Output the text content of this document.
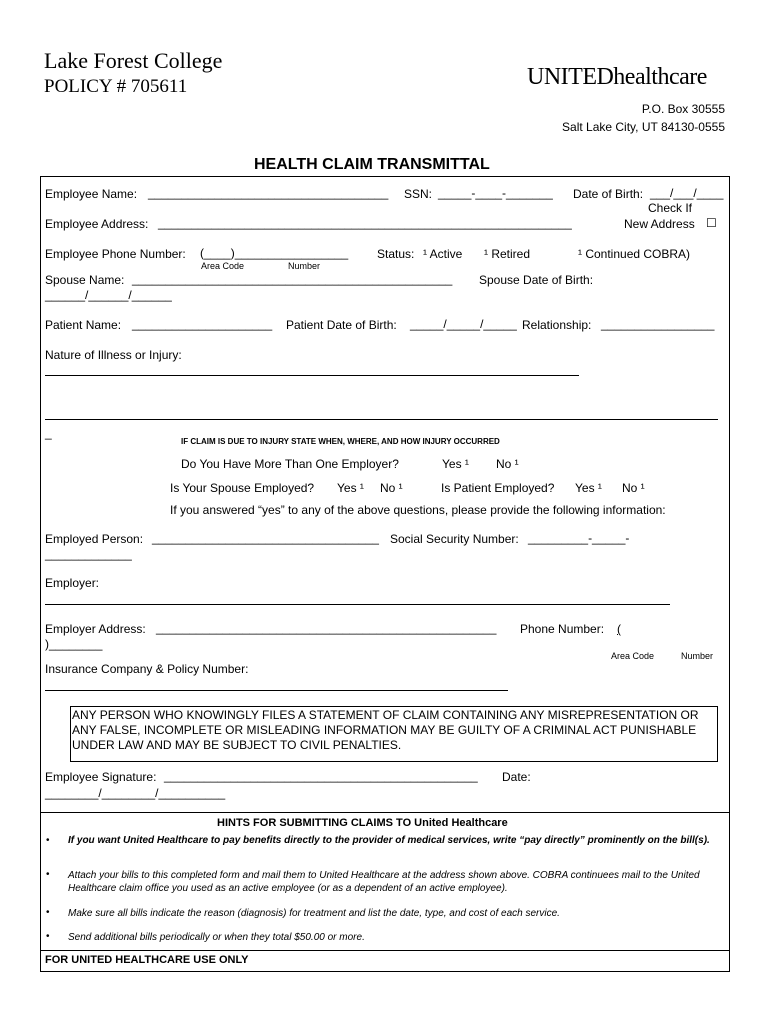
Lake Forest College
POLICY # 705611	UNITEDhealthcare
P.O. Box 30555
Salt Lake City, UT 84130-0555
HEALTH CLAIM TRANSMITTAL
Employee Name: ____________________________________ SSN: _____-____-_______ Date of Birth: ___/___/____
Check If
Employee Address: ______________________________________________________________	New Address ☐
Employee Phone Number: (____)_________________
Area Code	Number
Status: ¹ Active ¹ Retired	¹ Continued COBRA)
Spouse Name: ________________________________________________ Spouse Date of Birth:
______/______/______
Patient Name: _____________________ Patient Date of Birth: _____/_____/_____ Relationship: _________________
Nature of Illness or Injury:
_
IF CLAIM IS DUE TO INJURY STATE WHEN, WHERE, AND HOW INJURY OCCURRED
Do You Have More Than One Employer?	Yes ¹ No ¹
Is Your Spouse Employed? Yes ¹ No ¹	Is Patient Employed? Yes ¹ No ¹
If you answered “yes” to any of the above questions, please provide the following information:
Employed Person: __________________________________ Social Security Number: _________-_____-
_____________
Employer:
Employer Address: ___________________________________________________ Phone Number: (
)________
Area Code	Number
Insurance Company & Policy Number:
ANY PERSON WHO KNOWINGLY FILES A STATEMENT OF CLAIM CONTAINING ANY MISREPRESENTATION OR ANY FALSE, INCOMPLETE OR MISLEADING INFORMATION MAY BE GUILTY OF A CRIMINAL ACT PUNISHABLE UNDER LAW AND MAY BE SUBJECT TO CIVIL PENALTIES.
Employee Signature: _______________________________________________ Date:
________/________/__________
HINTS FOR SUBMITTING CLAIMS TO United Healthcare
• If you want United Healthcare to pay benefits directly to the provider of medical services, write “pay directly” prominently on the bill(s).
• Attach your bills to this completed form and mail them to United Healthcare at the address shown above. COBRA continuees mail to the United Healthcare claim office you used as an active employee (or as a dependent of an active employee).
• Make sure all bills indicate the reason (diagnosis) for treatment and list the date, type, and cost of each service.
• Send additional bills periodically or when they total $50.00 or more.
FOR UNITED HEALTHCARE USE ONLY
